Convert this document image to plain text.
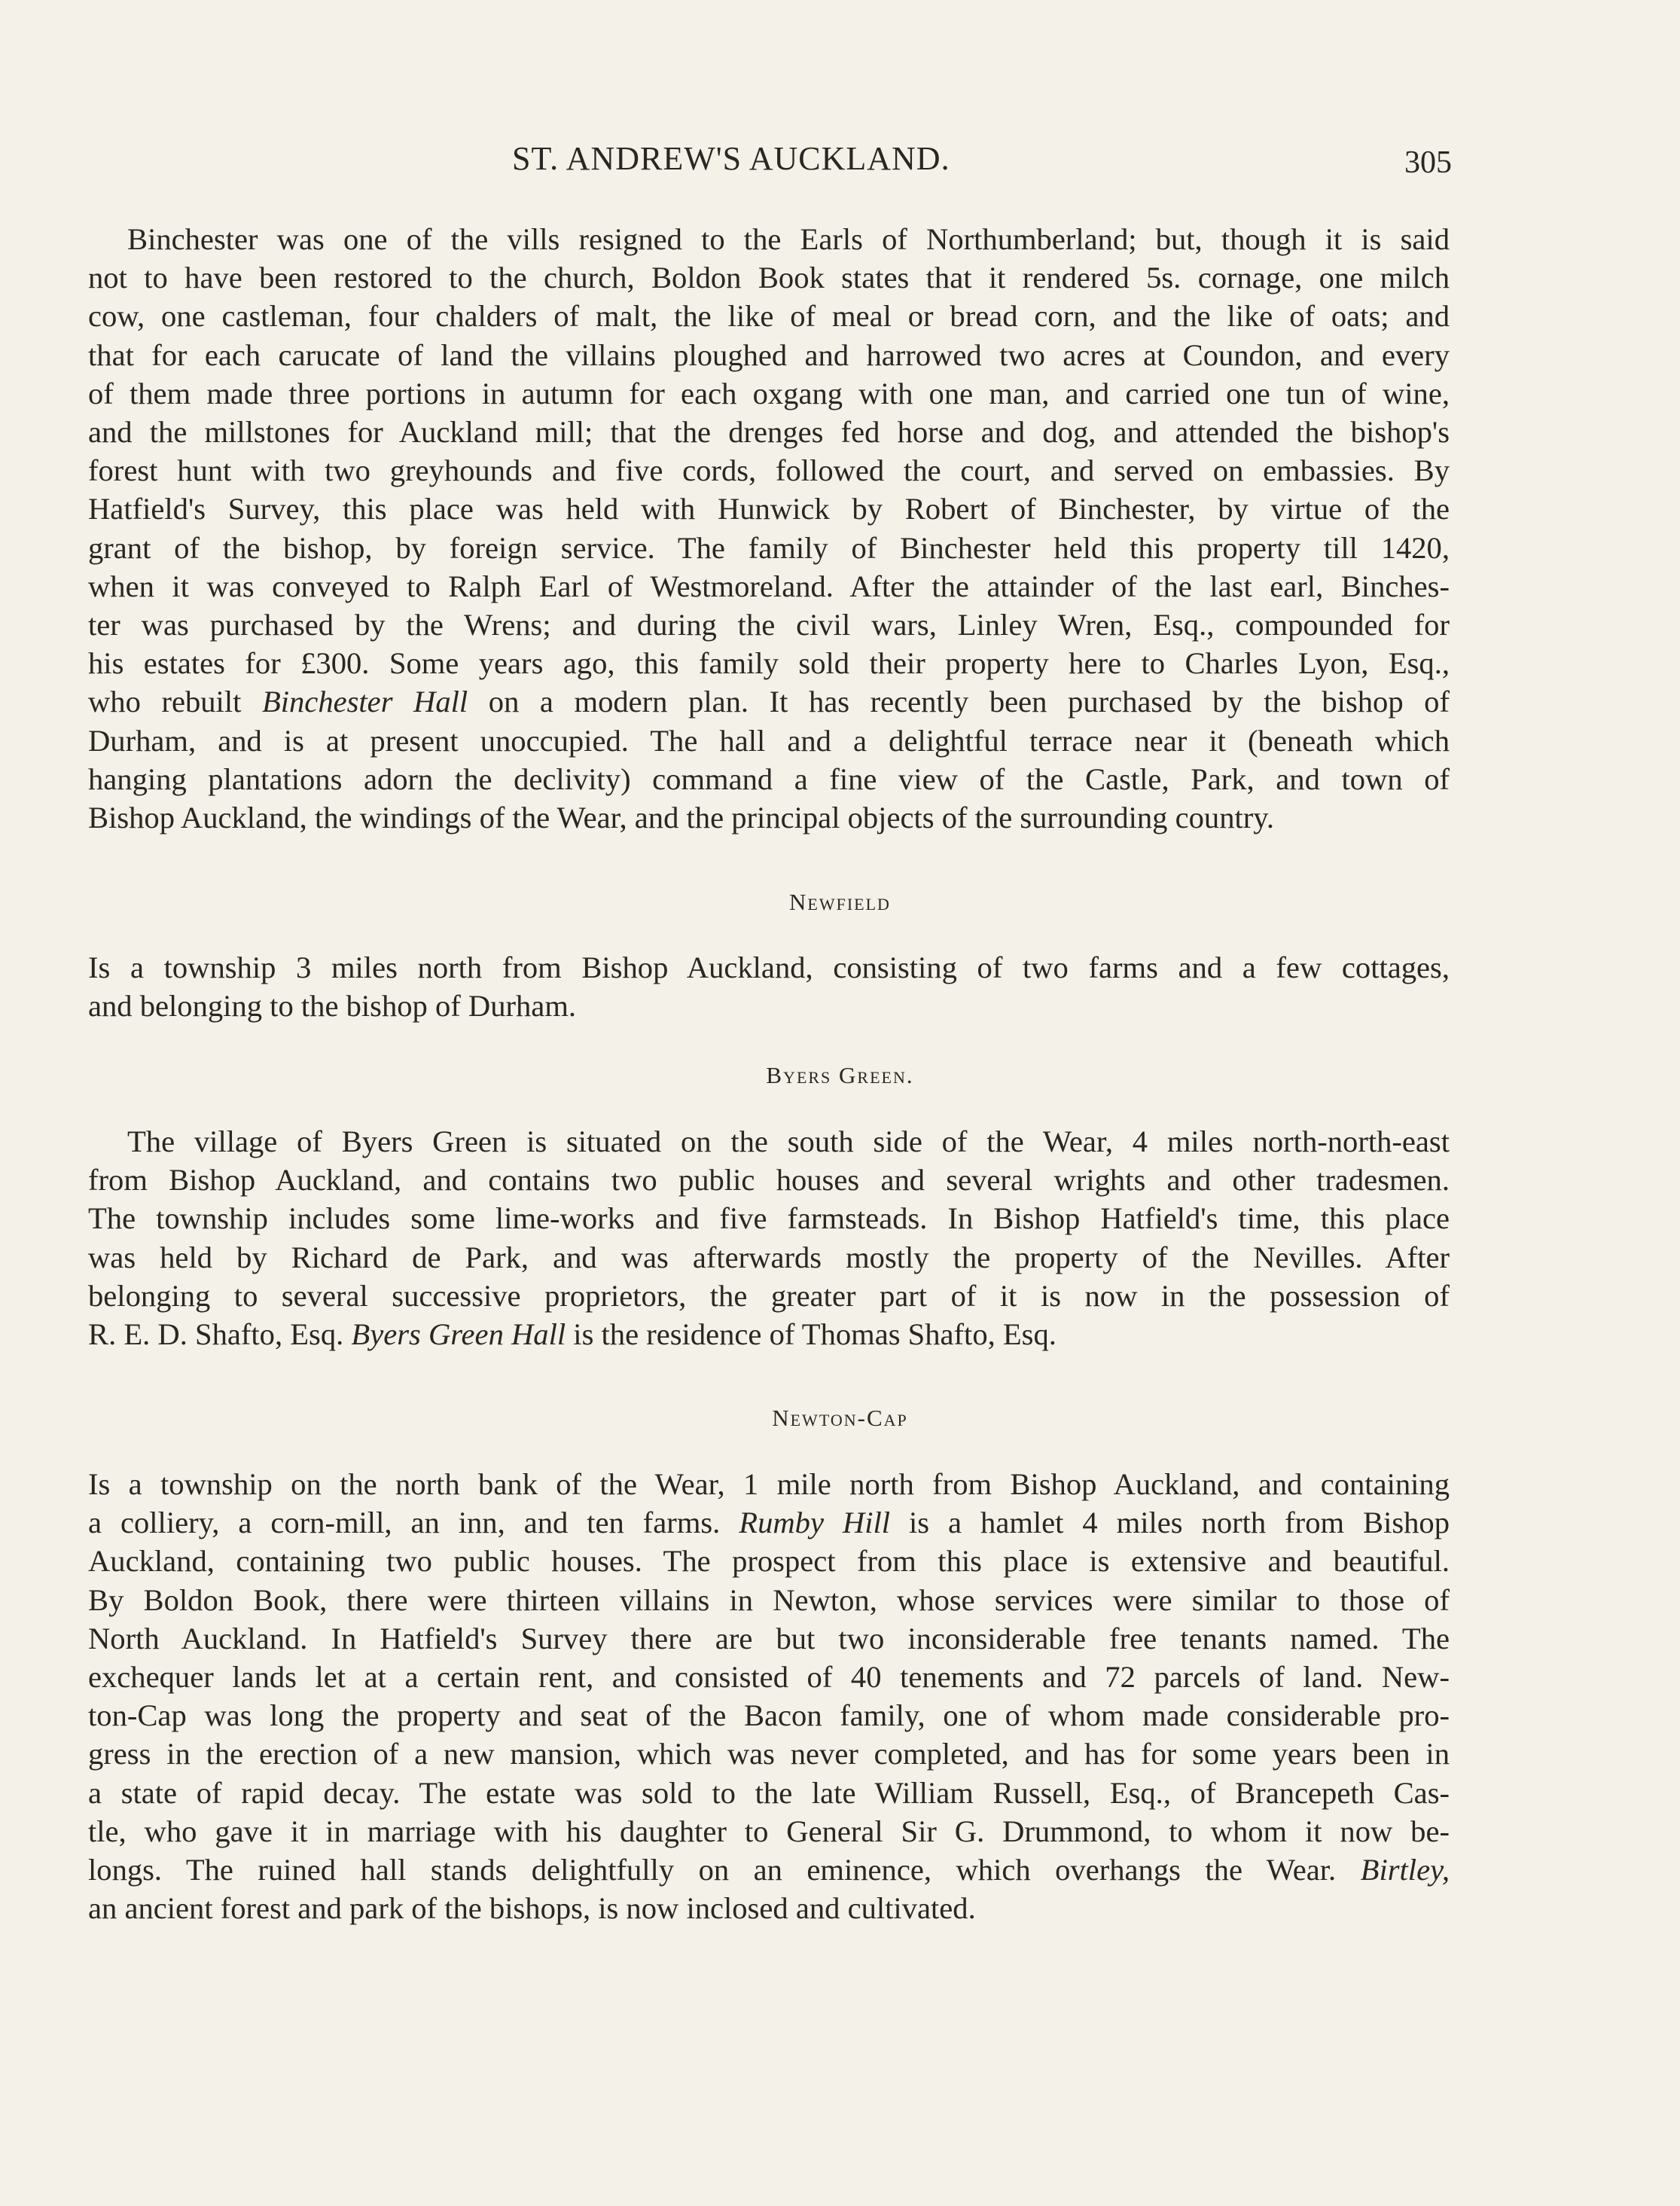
ST. ANDREW'S AUCKLAND.	305
Binchester was one of the vills resigned to the Earls of Northumberland; but, though it is said
not to have been restored to the church, Boldon Book states that it rendered 5s. cornage, one milch
cow, one castleman, four chalders of malt, the like of meal or bread corn, and the like of oats; and
that for each carucate of land the villains ploughed and harrowed two acres at Coundon, and every
of them made three portions in autumn for each oxgang with one man, and carried one tun of wine,
and the millstones for Auckland mill; that the drenges fed horse and dog, and attended the bishop's
forest hunt with two greyhounds and five cords, followed the court, and served on embassies. By
Hatfield's Survey, this place was held with Hunwick by Robert of Binchester, by virtue of the
grant of the bishop, by foreign service. The family of Binchester held this property till 1420,
when it was conveyed to Ralph Earl of Westmoreland. After the attainder of the last earl, Binches-
ter was purchased by the Wrens; and during the civil wars, Linley Wren, Esq., compounded for
his estates for £300. Some years ago, this family sold their property here to Charles Lyon, Esq.,
who rebuilt Binchester Hall on a modern plan. It has recently been purchased by the bishop of
Durham, and is at present unoccupied. The hall and a delightful terrace near it (beneath which
hanging plantations adorn the declivity) command a fine view of the Castle, Park, and town of
Bishop Auckland, the windings of the Wear, and the principal objects of the surrounding country.
Newfield
Is a township 3 miles north from Bishop Auckland, consisting of two farms and a few cottages,
and belonging to the bishop of Durham.
Byers Green.
The village of Byers Green is situated on the south side of the Wear, 4 miles north-north-east
from Bishop Auckland, and contains two public houses and several wrights and other tradesmen.
The township includes some lime-works and five farmsteads. In Bishop Hatfield's time, this place
was held by Richard de Park, and was afterwards mostly the property of the Nevilles. After
belonging to several successive proprietors, the greater part of it is now in the possession of
R. E. D. Shafto, Esq. Byers Green Hall is the residence of Thomas Shafto, Esq.
Newton-Cap
Is a township on the north bank of the Wear, 1 mile north from Bishop Auckland, and containing
a colliery, a corn-mill, an inn, and ten farms. Rumby Hill is a hamlet 4 miles north from Bishop
Auckland, containing two public houses. The prospect from this place is extensive and beautiful.
By Boldon Book, there were thirteen villains in Newton, whose services were similar to those of
North Auckland. In Hatfield's Survey there are but two inconsiderable free tenants named. The
exchequer lands let at a certain rent, and consisted of 40 tenements and 72 parcels of land. New-
ton-Cap was long the property and seat of the Bacon family, one of whom made considerable pro-
gress in the erection of a new mansion, which was never completed, and has for some years been in
a state of rapid decay. The estate was sold to the late William Russell, Esq., of Brancepeth Cas-
tle, who gave it in marriage with his daughter to General Sir G. Drummond, to whom it now be-
longs. The ruined hall stands delightfully on an eminence, which overhangs the Wear. Birtley,
an ancient forest and park of the bishops, is now inclosed and cultivated.
